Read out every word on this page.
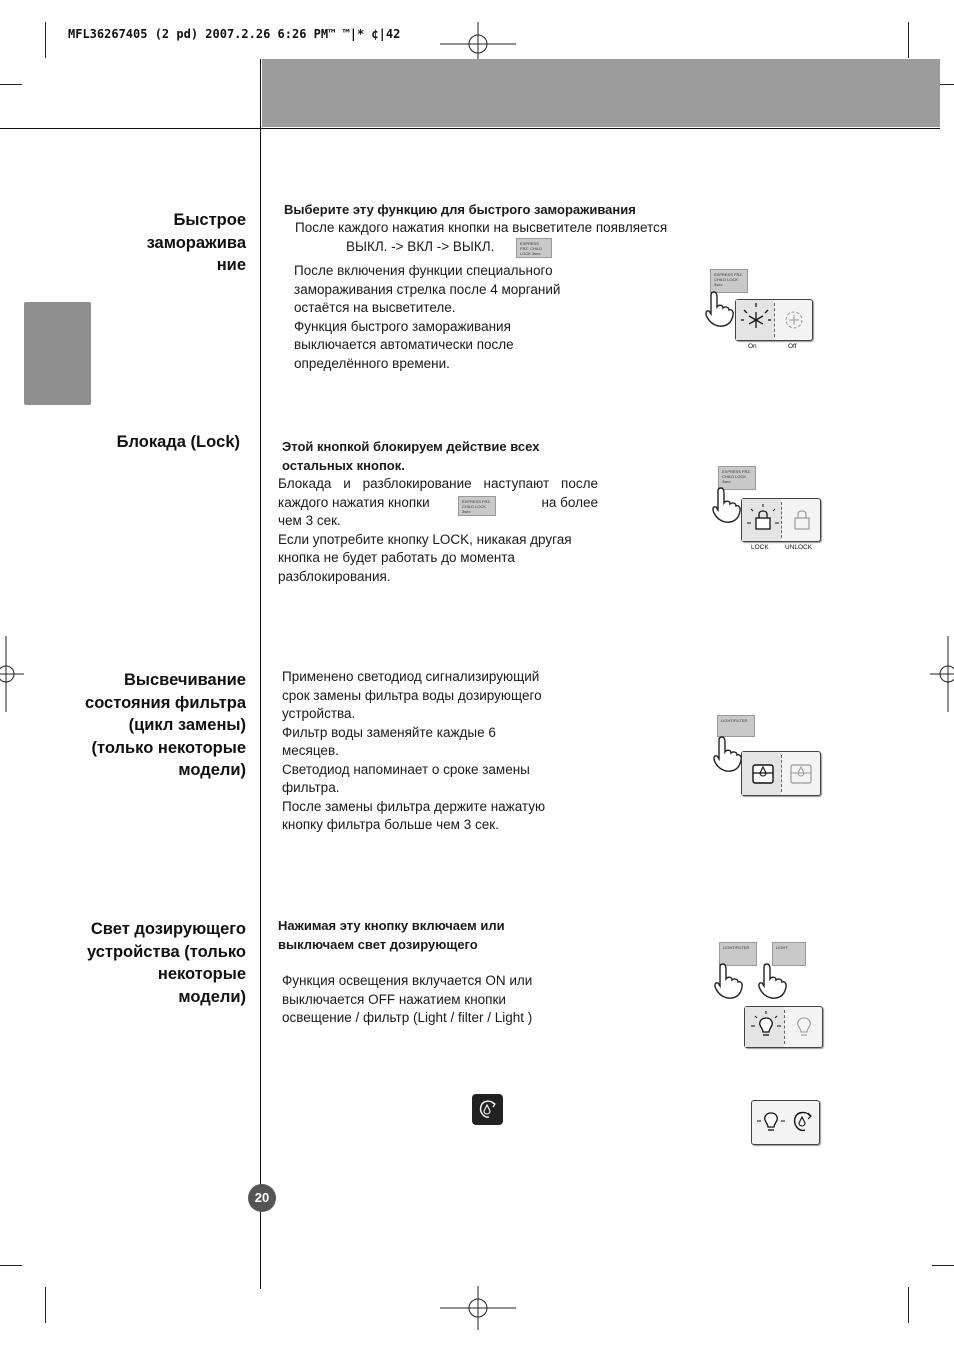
MFL36267405 (2 pd) 2007.2.26 6:26 PM™ ™|* ¢|42
Быстрое
заморажива
ние
Выберите эту функцию для быстрого замораживания
После каждого нажатия кнопки на высветителе появляется
ВЫКЛ. -> ВКЛ -> ВЫКЛ.	EXPRESS FRZ. CHILD LOCK 3sec
После включения функции специального
замораживания стрелка после 4 морганий
остаётся на высветителе.
Функция быстрого замораживания
выключается автоматически после
определённого времени.
EXPRESS FRZ. CHILD LOCK 3sec
On	Off
Блокада (Lock)	Этой кнопкой блокируем действие всех
остальных кнопок.
Блокада и разблокирование наступают после
каждого нажатия кнопки	на более
чем 3 сек.
Если употребите кнопку LOCK, никакая другая
кнопка не будет работать до момента
разблокирования.
EXPRESS FRZ. CHILD LOCK 3sec
EXPRESS FRZ. CHILD LOCK 3sec
LOCK	UNLOCK
Высвечивание
состояния фильтра
(цикл замены)
(только некоторые
модели)
Применено светодиод сигнализирующий
срок замены фильтра воды дозирующего
устройства.
Фильтр воды заменяйте каждые 6
месяцев.
Светодиод напоминает о сроке замены
фильтра.
После замены фильтра держите нажатую
кнопку фильтра больше чем 3 сек.
LIGHT/FILTER
Свет дозирующего
устройства (только
некоторые
модели)
Нажимая эту кнопку включаем или
выключаем свет дозирующего
Функция освещения вклучается ON или
выключается OFF нажатием кнопки
освещение / фильтр (Light / filter / Light )
LIGHT/FILTER	LIGHT
20
